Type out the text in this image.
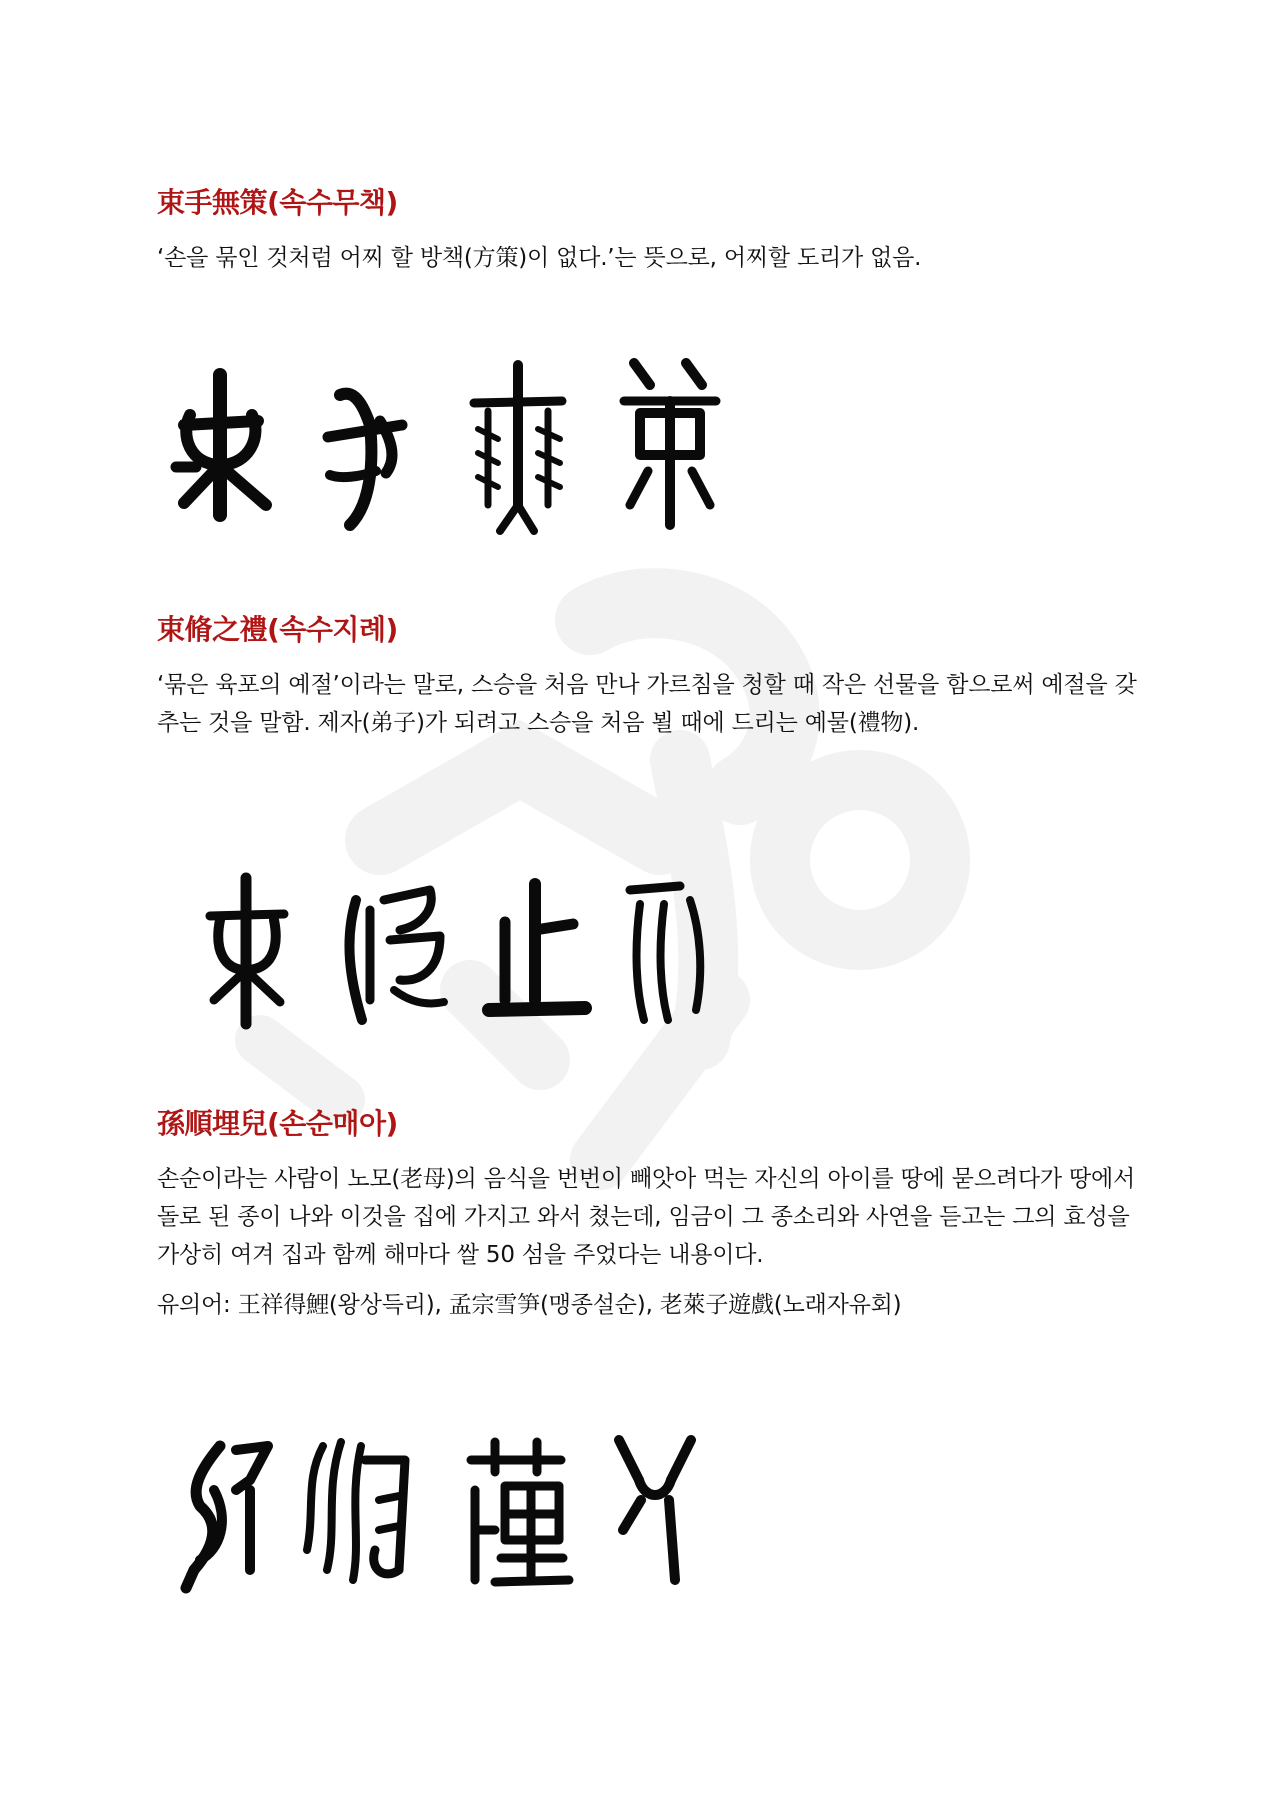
束手無策(속수무책)

‘손을 묶인 것처럼 어찌 할 방책(方策)이 없다.’는 뜻으로, 어찌할 도리가 없음.

束脩之禮(속수지례)

‘묶은 육포의 예절’이라는 말로, 스승을 처음 만나 가르침을 청할 때 작은 선물을 함으로써 예절을 갖추는 것을 말함. 제자(弟子)가 되려고 스승을 처음 뵐 때에 드리는 예물(禮物).

孫順埋兒(손순매아)

손순이라는 사람이 노모(老母)의 음식을 번번이 빼앗아 먹는 자신의 아이를 땅에 묻으려다가 땅에서 돌로 된 종이 나와 이것을 집에 가지고 와서 쳤는데, 임금이 그 종소리와 사연을 듣고는 그의 효성을 가상히 여겨 집과 함께 해마다 쌀 50 섬을 주었다는 내용이다.

유의어: 王祥得鯉(왕상득리), 孟宗雪笋(맹종설순), 老萊子遊戲(노래자유회)
